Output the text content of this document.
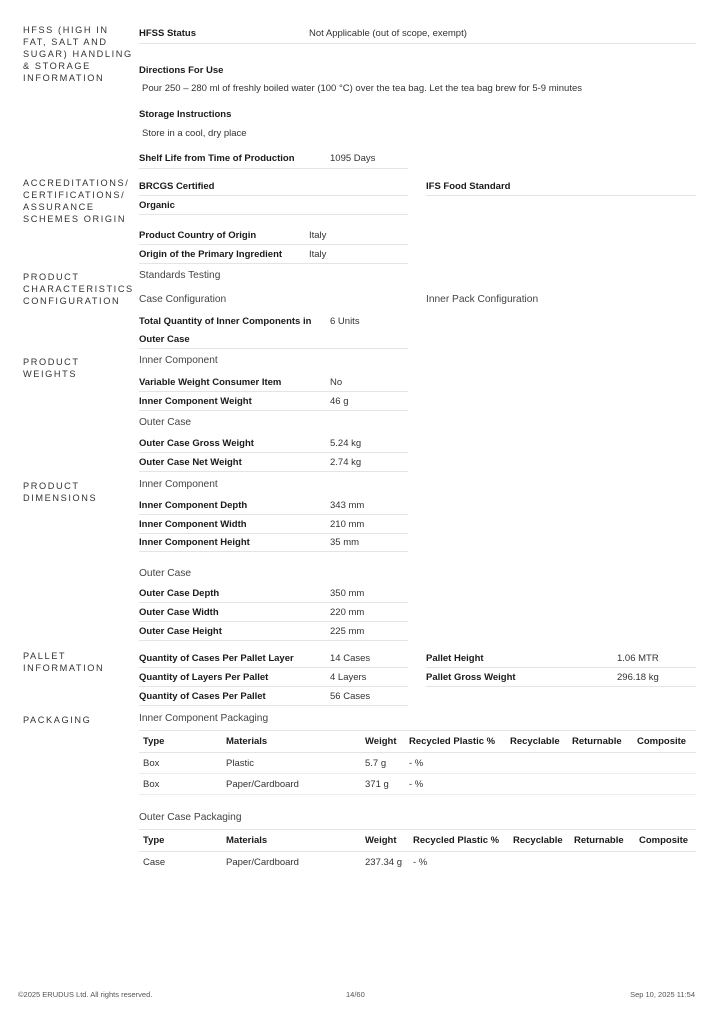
HFSS (HIGH IN FAT, SALT AND SUGAR) HANDLING & STORAGE INFORMATION
HFSS Status	Not Applicable (out of scope, exempt)
Directions For Use
Pour 250 – 280 ml of freshly boiled water (100 °C) over the tea bag. Let the tea bag brew for 5-9 minutes
Storage Instructions
Store in a cool, dry place
Shelf Life from Time of Production	1095 Days
ACCREDITATIONS/ CERTIFICATIONS/ ASSURANCE SCHEMES ORIGIN
BRCGS Certified	IFS Food Standard
Organic
Product Country of Origin	Italy
Origin of the Primary Ingredient	Italy
PRODUCT CHARACTERISTICS CONFIGURATION
Standards Testing
Case Configuration	Inner Pack Configuration
Total Quantity of Inner Components in
Outer Case
6 Units
PRODUCT WEIGHTS
Inner Component
Variable Weight Consumer Item	No
Inner Component Weight	46 g
Outer Case
Outer Case Gross Weight	5.24 kg
Outer Case Net Weight	2.74 kg
PRODUCT DIMENSIONS
Inner Component
Inner Component Depth	343 mm
Inner Component Width	210 mm
Inner Component Height	35 mm
Outer Case
Outer Case Depth	350 mm
Outer Case Width	220 mm
Outer Case Height	225 mm
PALLET INFORMATION
Quantity of Cases Per Pallet Layer	14 Cases	Pallet Height	1.06 MTR
Quantity of Layers Per Pallet	4 Layers	Pallet Gross Weight	296.18 kg
Quantity of Cases Per Pallet	56 Cases
PACKAGING	Inner Component Packaging
Type	Materials	Weight	Recycled Plastic %	Recyclable	Returnable	Composite
Box	Plastic	5.7 g	- %			
Box	Paper/Cardboard	371 g	- %			
Outer Case Packaging
Type	Materials	Weight	Recycled Plastic %	Recyclable	Returnable	Composite
Case	Paper/Cardboard	237.34 g	- %			
©2025 ERUDUS Ltd. All rights reserved.	14/60	Sep 10, 2025 11:54
